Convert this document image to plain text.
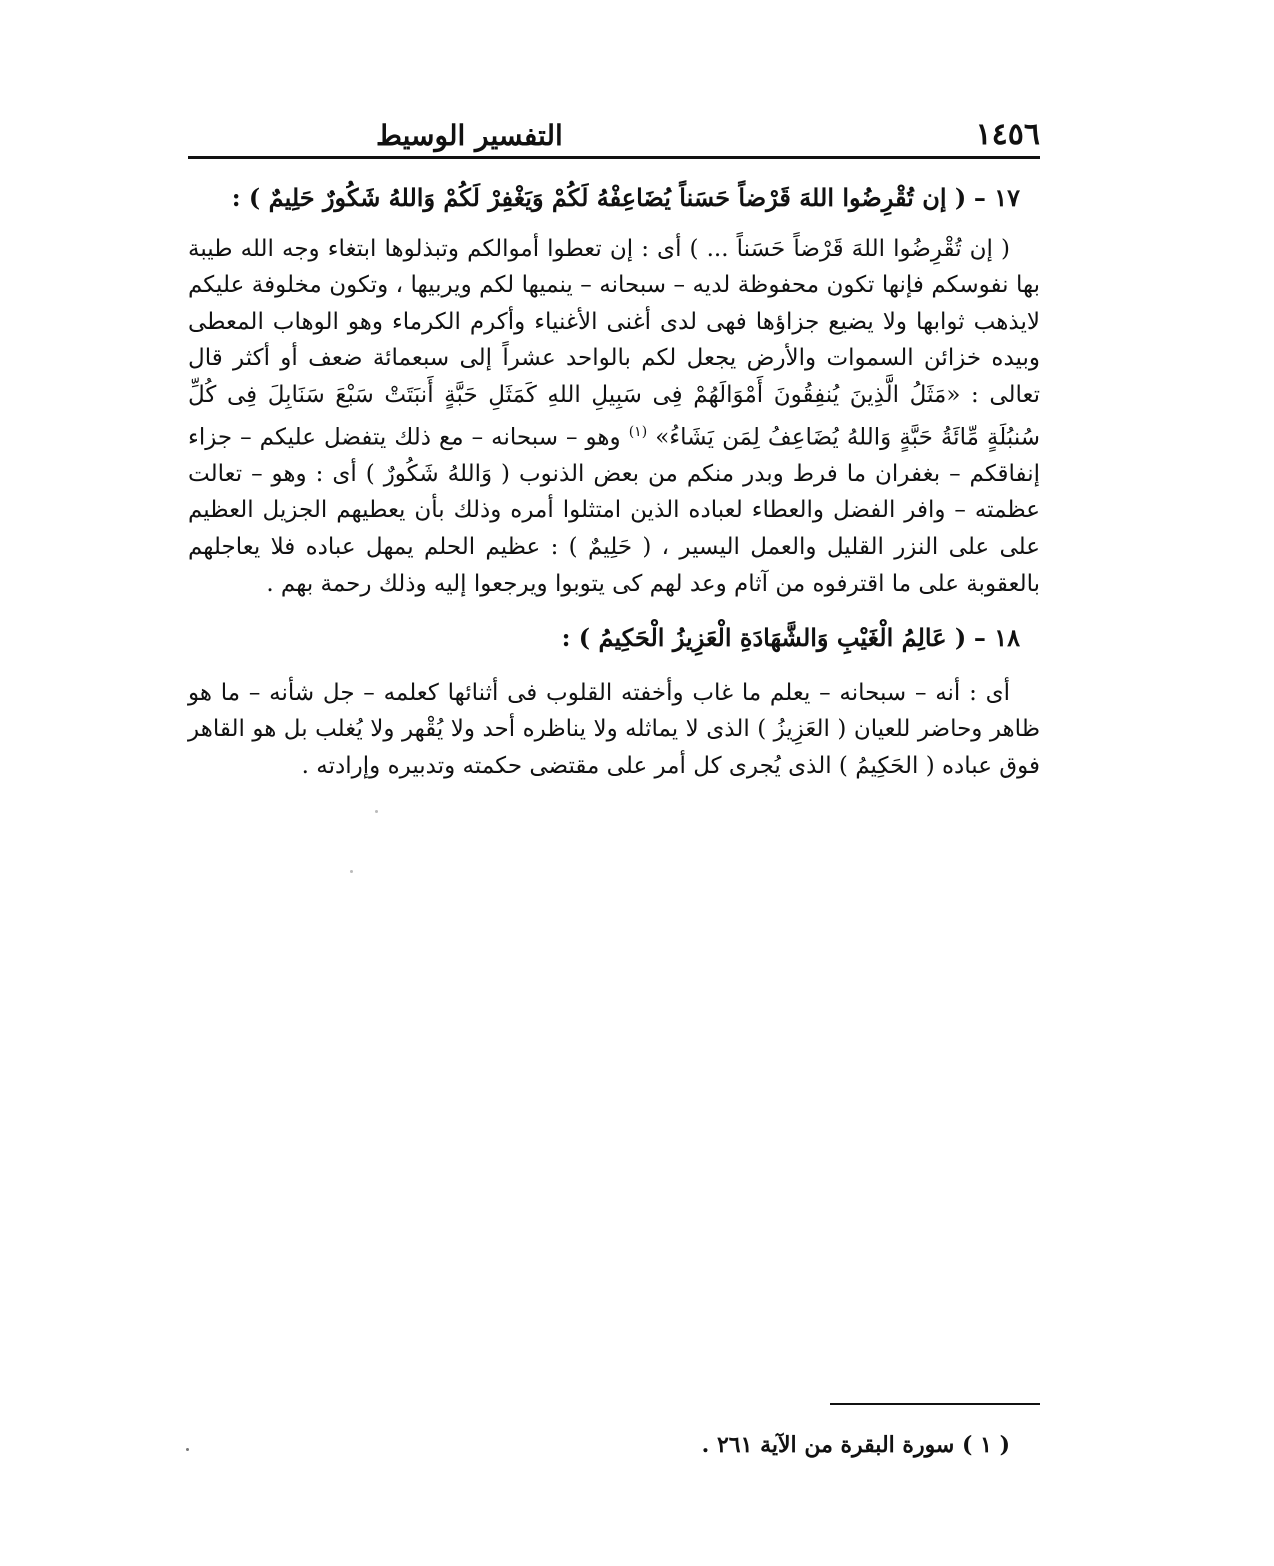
١٤٥٦
التفسير الوسيط

١٧ – ( إن تُقْرِضُوا اللهَ قَرْضاً حَسَناً يُضَاعِفْهُ لَكُمْ وَيَغْفِرْ لَكُمْ وَاللهُ شَكُورٌ حَلِيمٌ ) :

( إن تُقْرِضُوا اللهَ قَرْضاً حَسَناً ... ) أى : إن تعطوا أموالكم وتبذلوها ابتغاء وجه الله طيبة بها نفوسكم فإنها تكون محفوظة لديه – سبحانه – ينميها لكم ويربيها ، وتكون مخلوفة عليكم لايذهب ثوابها ولا يضيع جزاؤها فهى لدى أغنى الأغنياء وأكرم الكرماء وهو الوهاب المعطى وبيده خزائن السموات والأرض يجعل لكم بالواحد عشراً إلى سبعمائة ضعف أو أكثر قال تعالى : «مَثَلُ الَّذِينَ يُنفِقُونَ أَمْوَالَهُمْ فِى سَبِيلِ اللهِ كَمَثَلِ حَبَّةٍ أَنبَتَتْ سَبْعَ سَنَابِلَ فِى كُلِّ سُنبُلَةٍ مِّائَةُ حَبَّةٍ وَاللهُ يُضَاعِفُ لِمَن يَشَاءُ» $^{(١)}$ وهو – سبحانه – مع ذلك يتفضل عليكم – جزاء إنفاقكم – بغفران ما فرط وبدر منكم من بعض الذنوب ( وَاللهُ شَكُورٌ ) أى : وهو – تعالت عظمته – وافر الفضل والعطاء لعباده الذين امتثلوا أمره وذلك بأن يعطيهم الجزيل العظيم على على النزر القليل والعمل اليسير ، ( حَلِيمٌ ) : عظيم الحلم يمهل عباده فلا يعاجلهم بالعقوبة على ما اقترفوه من آثام وعد لهم كى يتوبوا ويرجعوا إليه وذلك رحمة بهم .

١٨ – ( عَالِمُ الْغَيْبِ وَالشَّهَادَةِ الْعَزِيزُ الْحَكِيمُ ) :

أى : أنه – سبحانه – يعلم ما غاب وأخفته القلوب فى أثنائها كعلمه – جل شأنه – ما هو ظاهر وحاضر للعيان ( العَزِيزُ ) الذى لا يماثله ولا يناظره أحد ولا يُقْهر ولا يُغلب بل هو القاهر فوق عباده ( الحَكِيمُ ) الذى يُجرى كل أمر على مقتضى حكمته وتدبيره وإرادته .

( ١ ) سورة البقرة من الآية ٢٦١ .
